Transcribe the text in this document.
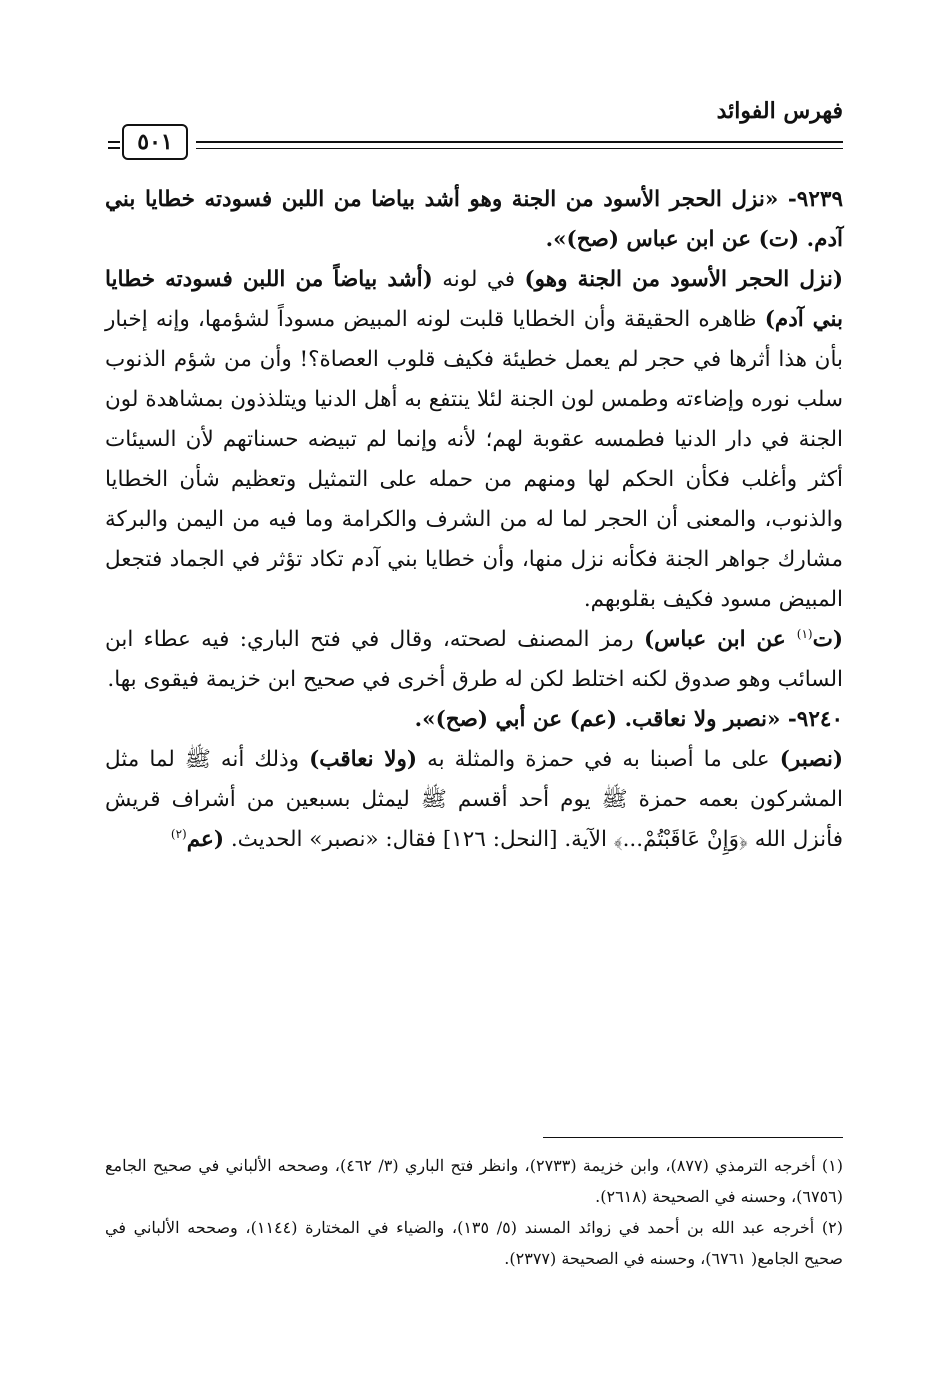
فهرس الفوائد
٥٠١

٩٢٣٩- «نزل الحجر الأسود من الجنة وهو أشد بياضا من اللبن فسودته خطايا بني آدم. (ت) عن ابن عباس (صح)».

(نزل الحجر الأسود من الجنة وهو) في لونه (أشد بياضاً من اللبن فسودته خطايا بني آدم) ظاهره الحقيقة وأن الخطايا قلبت لونه المبيض مسوداً لشؤمها، وإنه إخبار بأن هذا أثرها في حجر لم يعمل خطيئة فكيف قلوب العصاة؟! وأن من شؤم الذنوب سلب نوره وإضاءته وطمس لون الجنة لئلا ينتفع به أهل الدنيا ويتلذذون بمشاهدة لون الجنة في دار الدنيا فطمسه عقوبة لهم؛ لأنه وإنما لم تبيضه حسناتهم لأن السيئات أكثر وأغلب فكأن الحكم لها ومنهم من حمله على التمثيل وتعظيم شأن الخطايا والذنوب، والمعنى أن الحجر لما له من الشرف والكرامة وما فيه من اليمن والبركة مشارك جواهر الجنة فكأنه نزل منها، وأن خطايا بني آدم تكاد تؤثر في الجماد فتجعل المبيض مسود فكيف بقلوبهم.

(ت$^{(١)}$ عن ابن عباس) رمز المصنف لصحته، وقال في فتح الباري: فيه عطاء ابن السائب وهو صدوق لكنه اختلط لكن له طرق أخرى في صحيح ابن خزيمة فيقوى بها.

٩٢٤٠- «نصبر ولا نعاقب. (عم) عن أبي (صح)».

(نصبر) على ما أصبنا به في حمزة والمثلة به (ولا نعاقب) وذلك أنه ﷺ لما مثل المشركون بعمه حمزة ﷺ يوم أحد أقسم ﷺ ليمثل بسبعين من أشراف قريش فأنزل الله ﴿وَإِنْ عَاقَبْتُمْ...﴾ الآية. [النحل: ١٢٦] فقال: «نصبر» الحديث. (عم$^{(٢)}$

(١) أخرجه الترمذي (٨٧٧)، وابن خزيمة (٢٧٣٣)، وانظر فتح الباري (٣/ ٤٦٢)، وصححه الألباني في صحيح الجامع (٦٧٥٦)، وحسنه في الصحيحة (٢٦١٨).

(٢) أخرجه عبد الله بن أحمد في زوائد المسند (٥/ ١٣٥)، والضياء في المختارة (١١٤٤)، وصححه الألباني في صحيح الجامع( ٦٧٦١)، وحسنه في الصحيحة (٢٣٧٧).
